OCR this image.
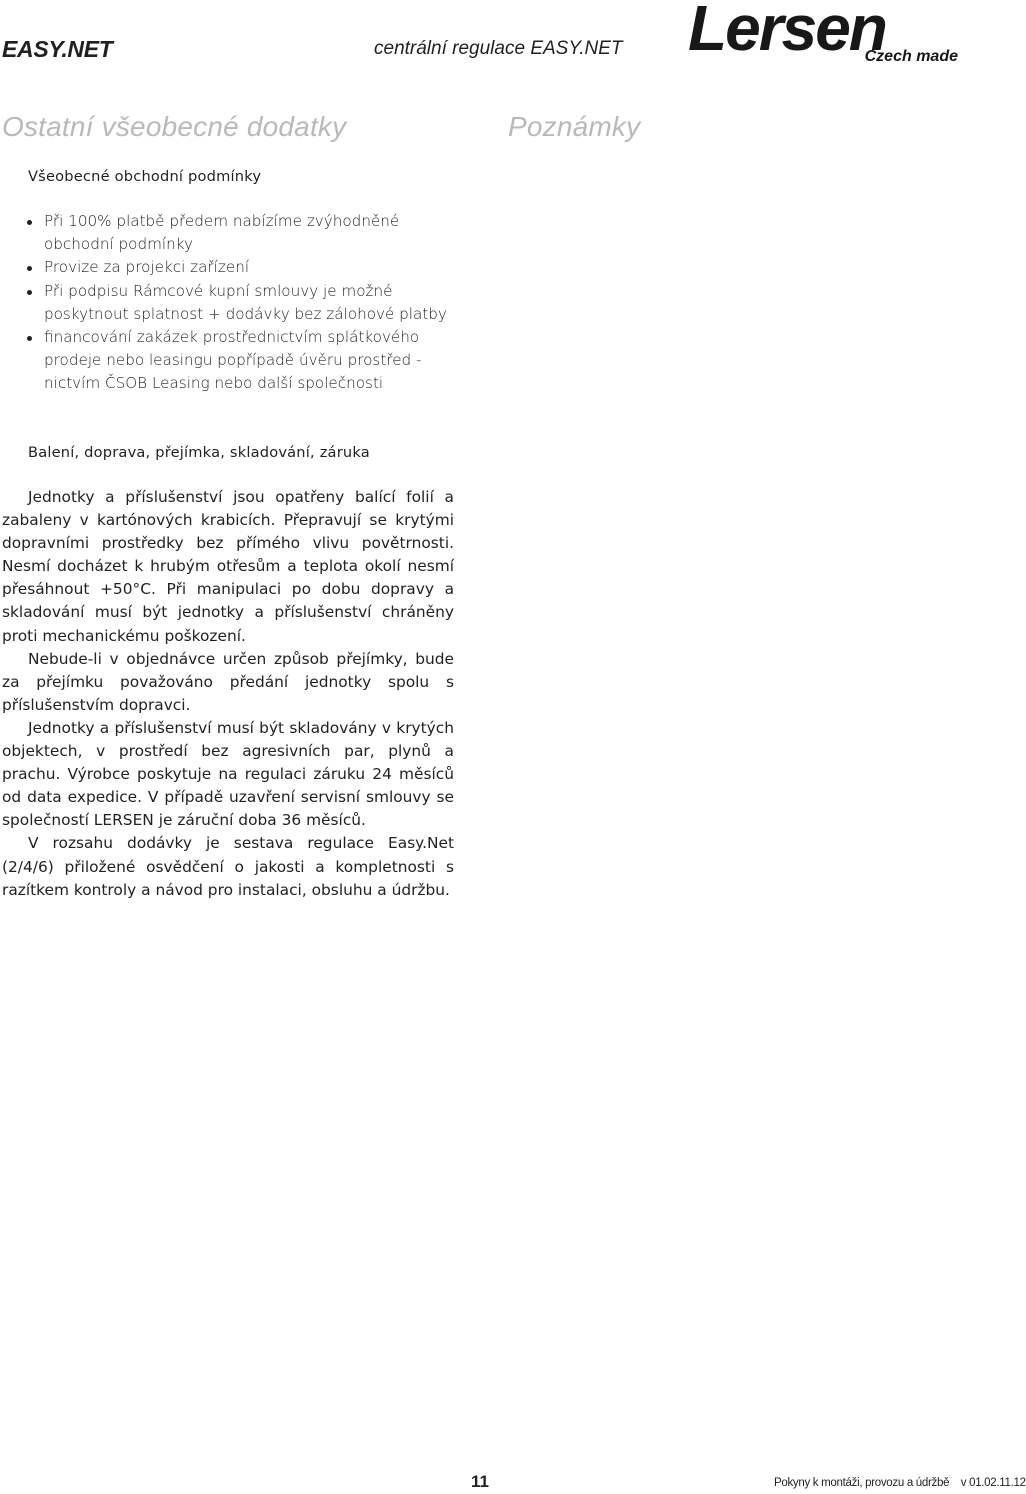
EASY.NET	centrální regulace EASY.NET Lersen
Czech made
Ostatní všeobecné dodatky	Poznámky
Všeobecné obchodní podmínky
Při 100% platbě předem nabízíme zvýhodněné obchodní podmínky
Provize za projekci zařízení
Při podpisu Rámcové kupní smlouvy je možné poskytnout splatnost + dodávky bez zálohové platby
financování zakázek prostřednictvím splátkového prodeje nebo leasingu popřípadě úvěru prostřed - nictvím ČSOB Leasing nebo další společnosti
Balení, doprava, přejímka, skladování, záruka

Jednotky a příslušenství jsou opatřeny balící folií a zabaleny v kartónových krabicích. Přepravují se krytými dopravními prostředky bez přímého vlivu povětrnosti. Nesmí docházet k hrubým otřesům a teplota okolí nesmí přesáhnout +50°C. Při manipulaci po dobu dopravy a skladování musí být jednotky a příslušenství chráněny proti mechanickému poškození.

Nebude-li v objednávce určen způsob přejímky, bude za přejímku považováno předání jednotky spolu s příslušenstvím dopravci.

Jednotky a příslušenství musí být skladovány v krytých objektech, v prostředí bez agresivních par, plynů a prachu. Výrobce poskytuje na regulaci záruku 24 měsíců od data expedice. V případě uzavření servisní smlouvy se společností LERSEN je záruční doba 36 měsíců.

V rozsahu dodávky je sestava regulace Easy.Net (2/4/6) přiložené osvědčení o jakosti a kompletnosti s razítkem kontroly a návod pro instalaci, obsluhu a údržbu.

11	Pokyny k montáži, provozu a údržbě    v 01.02.11.12
